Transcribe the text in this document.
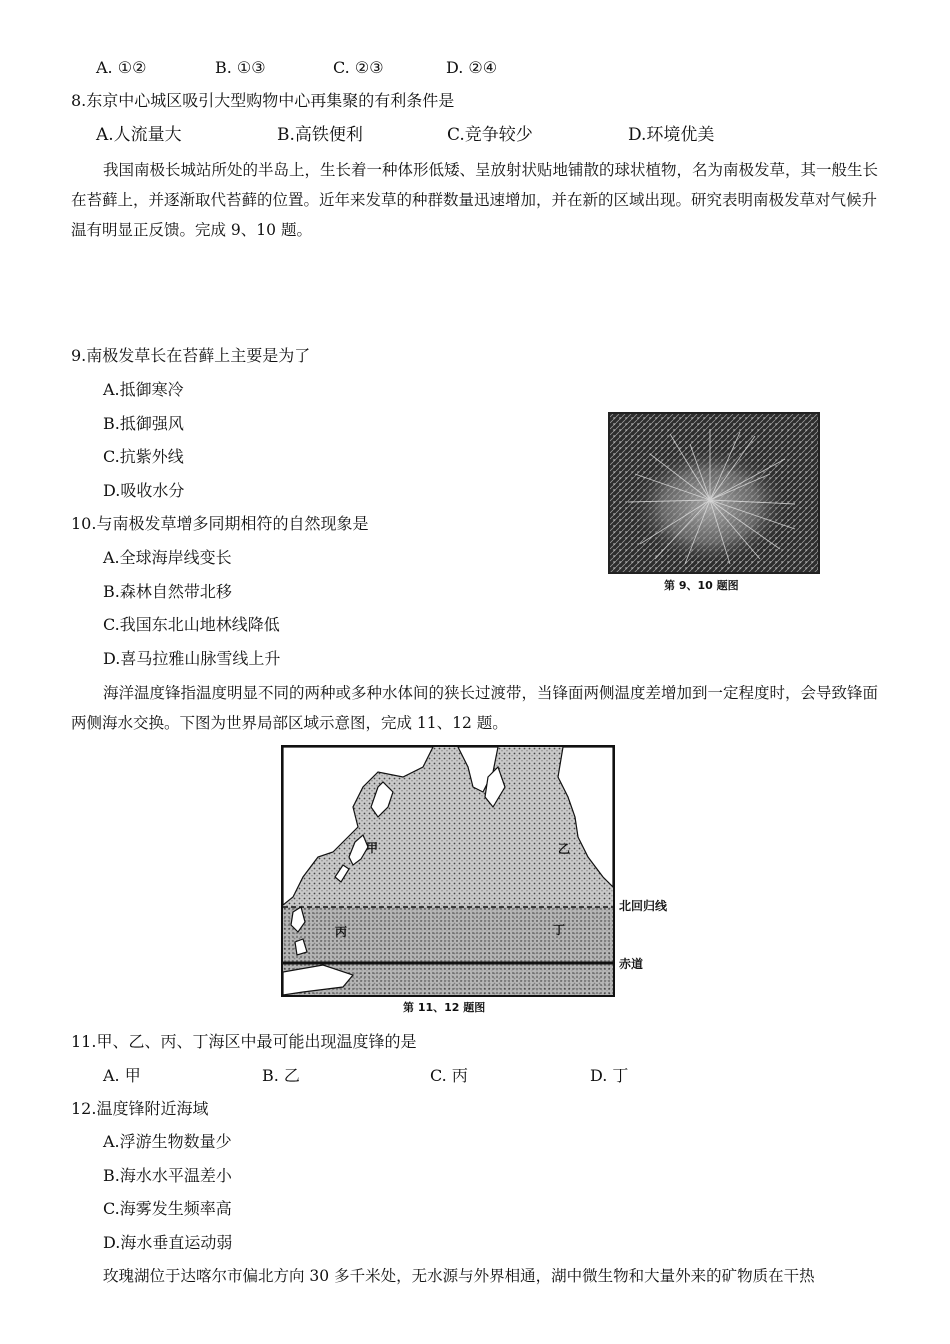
A. ①②	B. ①③	C. ②③	D. ②④
8.东京中心城区吸引大型购物中心再集聚的有利条件是
A.人流量大	B.高铁便利	C.竞争较少	D.环境优美
我国南极长城站所处的半岛上，生长着一种体形低矮、呈放射状贴地铺散的球状植物，名为南极发草，其一般生长在苔藓上，并逐渐取代苔藓的位置。近年来发草的种群数量迅速增加，并在新的区域出现。研究表明南极发草对气候升温有明显正反馈。完成 9、10 题。
9.南极发草长在苔藓上主要是为了
A.抵御寒冷
B.抵御强风
C.抗紫外线
D.吸收水分
第 9、10 题图
10.与南极发草增多同期相符的自然现象是
A.全球海岸线变长
B.森林自然带北移
C.我国东北山地林线降低
D.喜马拉雅山脉雪线上升
海洋温度锋指温度明显不同的两种或多种水体间的狭长过渡带，当锋面两侧温度差增加到一定程度时，会导致锋面两侧海水交换。下图为世界局部区域示意图，完成 11、12 题。
甲	乙
丙	丁
北回归线
赤道
第 11、12 题图
11.甲、乙、丙、丁海区中最可能出现温度锋的是
A. 甲	B. 乙	C. 丙	D. 丁
12.温度锋附近海域
A.浮游生物数量少
B.海水水平温差小
C.海雾发生频率高
D.海水垂直运动弱
玫瑰湖位于达喀尔市偏北方向 30 多千米处，无水源与外界相通，湖中微生物和大量外来的矿物质在干热
